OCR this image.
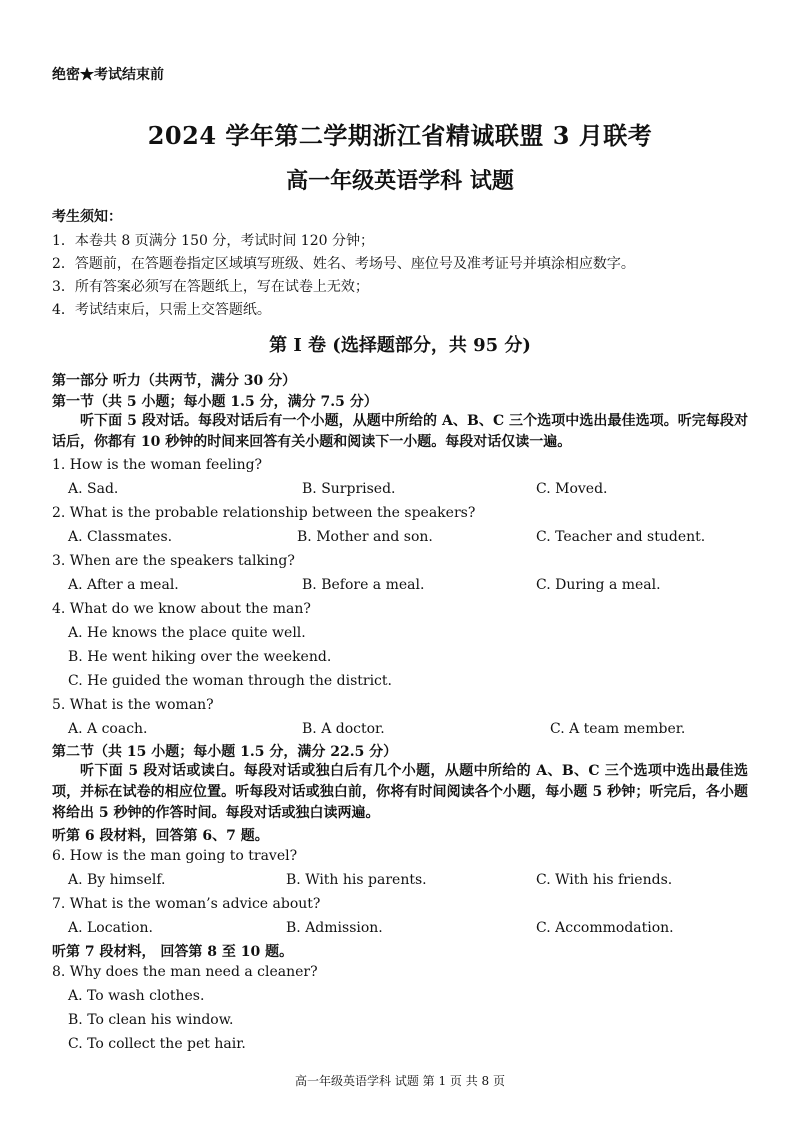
绝密★考试结束前
2024 学年第二学期浙江省精诚联盟 3 月联考
高一年级英语学科 试题
考生须知：
1．本卷共 8 页满分 150 分，考试时间 120 分钟；
2．答题前，在答题卷指定区域填写班级、姓名、考场号、座位号及准考证号并填涂相应数字。
3．所有答案必须写在答题纸上，写在试卷上无效；
4．考试结束后，只需上交答题纸。
第 I 卷 (选择题部分，共 95 分)
第一部分 听力（共两节，满分 30 分）
第一节（共 5 小题；每小题 1.5 分，满分 7.5 分）
听下面 5 段对话。每段对话后有一个小题，从题中所给的 A、B、C 三个选项中选出最佳选项。听完每段对话后，你都有 10 秒钟的时间来回答有关小题和阅读下一小题。每段对话仅读一遍。
1. How is the woman feeling?
A. Sad.	B. Surprised.	C. Moved.
2. What is the probable relationship between the speakers?
A. Classmates.	B. Mother and son.	C. Teacher and student.
3. When are the speakers talking?
A. After a meal.	B. Before a meal.	C. During a meal.
4. What do we know about the man?
A. He knows the place quite well.
B. He went hiking over the weekend.
C. He guided the woman through the district.
5. What is the woman?
A. A coach.	B. A doctor.	C. A team member.
第二节（共 15 小题；每小题 1.5 分，满分 22.5 分）
听下面 5 段对话或读白。每段对话或独白后有几个小题，从题中所给的 A、B、C 三个选项中选出最佳选项，并标在试卷的相应位置。听每段对话或独白前，你将有时间阅读各个小题，每小题 5 秒钟；听完后，各小题将给出 5 秒钟的作答时间。每段对话或独白读两遍。
听第 6 段材料，回答第 6、7 题。
6. How is the man going to travel?
A. By himself.	B. With his parents.	C. With his friends.
7. What is the woman’s advice about?
A. Location.	B. Admission.	C. Accommodation.
听第 7 段材料， 回答第 8 至 10 题。
8. Why does the man need a cleaner?
A. To wash clothes.
B. To clean his window.
C. To collect the pet hair.
高一年级英语学科 试题 第 1 页 共 8 页
